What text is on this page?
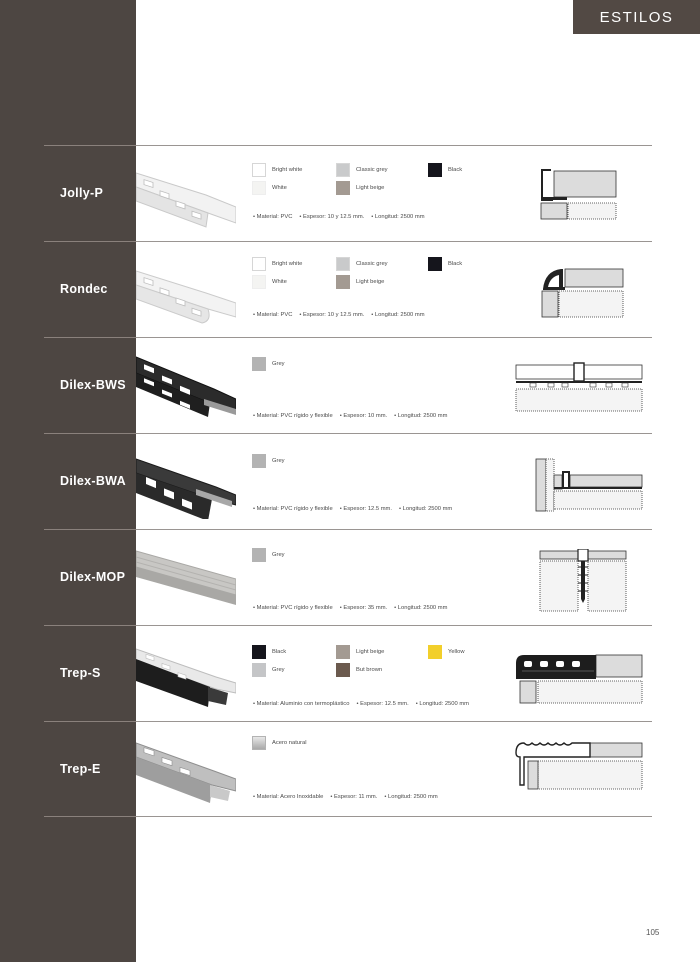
ESTILOS
Jolly-P
Bright white	Classic grey	Black
White	Light beige
• Material: PVC • Espesor: 10 y 12.5 mm. • Longitud: 2500 mm
Rondec
Bright white	Classic grey	Black
White	Light beige
• Material: PVC • Espesor: 10 y 12.5 mm. • Longitud: 2500 mm
Dilex-BWS
Grey
• Material: PVC rígido y flexible • Espesor: 10 mm. • Longitud: 2500 mm
Dilex-BWA
Grey
• Material: PVC rígido y flexible • Espesor: 12.5 mm. • Longitud: 2500 mm
Dilex-MOP
Grey
• Material: PVC rígido y flexible • Espesor: 35 mm. • Longitud: 2500 mm
Trep-S
Black	Light beige	Yellow
Grey	But brown
• Material: Aluminio con termoplástico • Espesor: 12.5 mm. • Longitud: 2500 mm
Trep-E
Acero natural
• Material: Acero Inoxidable • Espesor: 11 mm. • Longitud: 2500 mm
105
